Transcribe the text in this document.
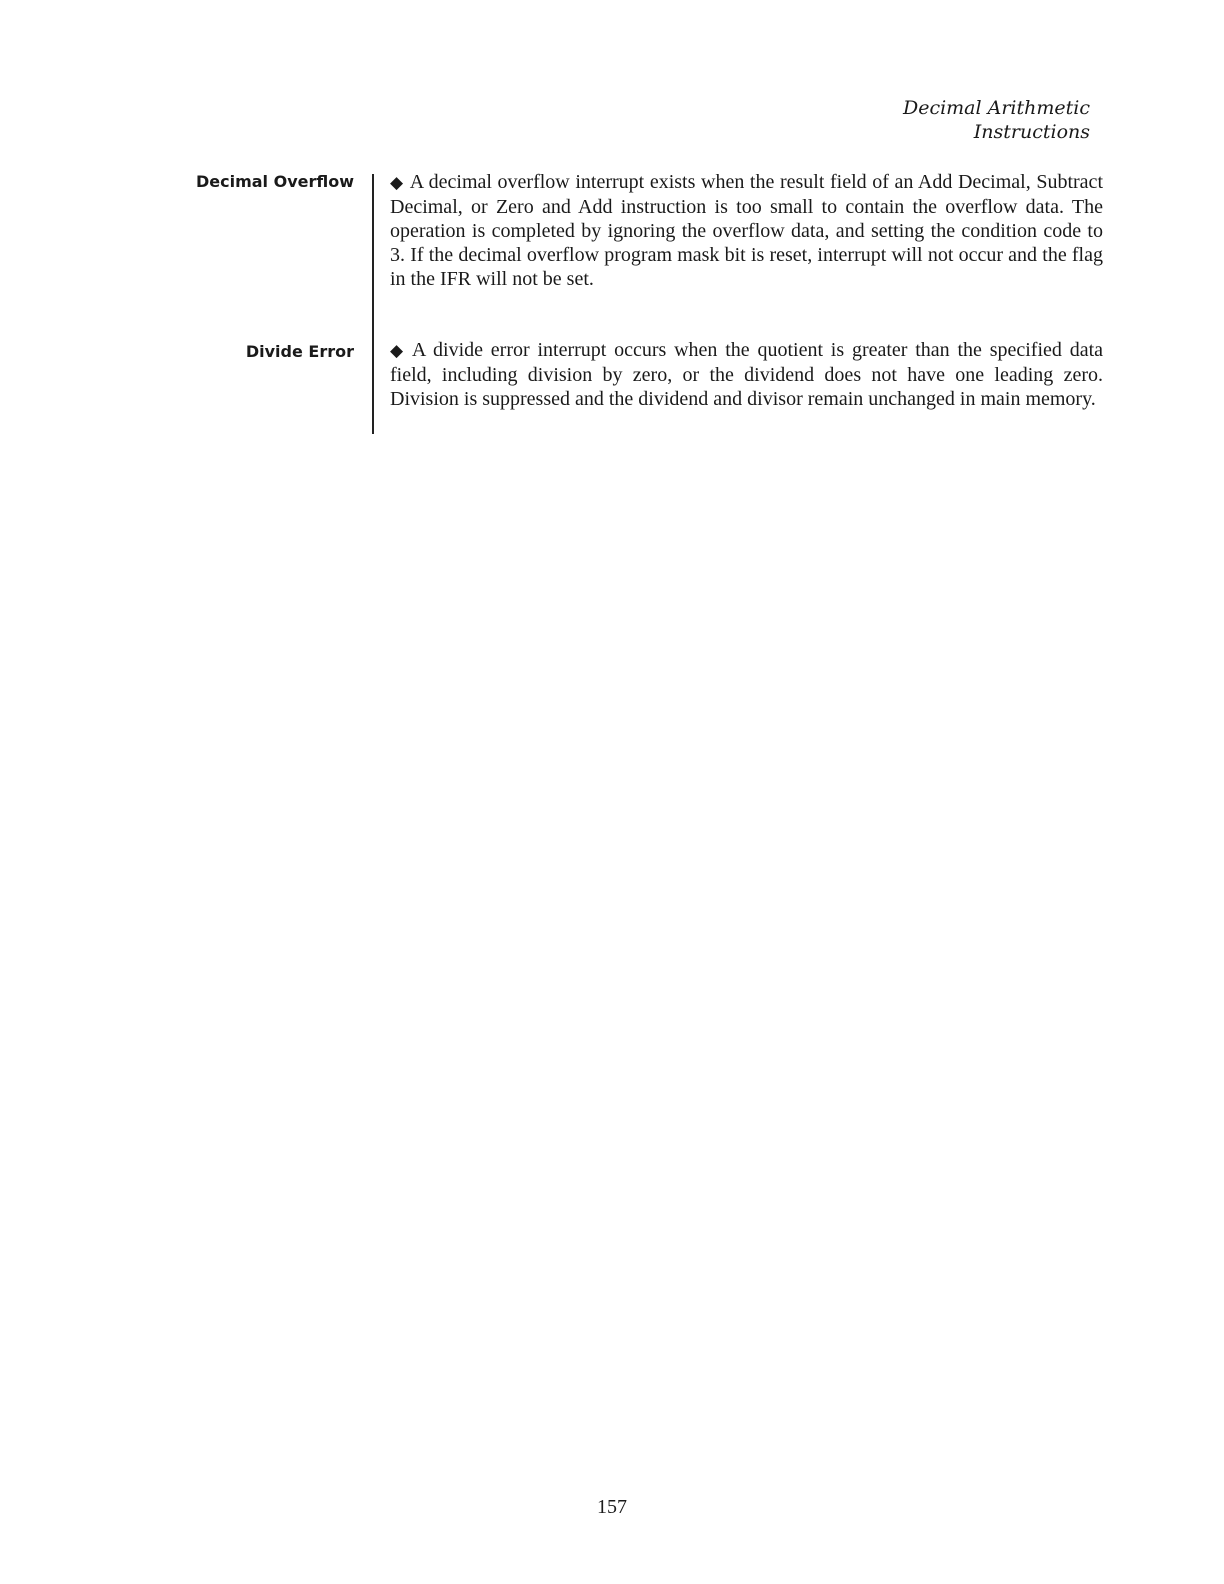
Decimal Arithmetic
Instructions
Decimal Overflow ◆ A decimal overflow interrupt exists when the result field of an Add Decimal, Subtract Decimal, or Zero and Add instruction is too small to contain the overflow data. The operation is completed by ignoring the overflow data, and setting the condition code to 3. If the decimal overflow program mask bit is reset, interrupt will not occur and the flag in the IFR will not be set.
Divide Error ◆ A divide error interrupt occurs when the quotient is greater than the specified data field, including division by zero, or the dividend does not have one leading zero. Division is suppressed and the dividend and divisor remain unchanged in main memory.
157
